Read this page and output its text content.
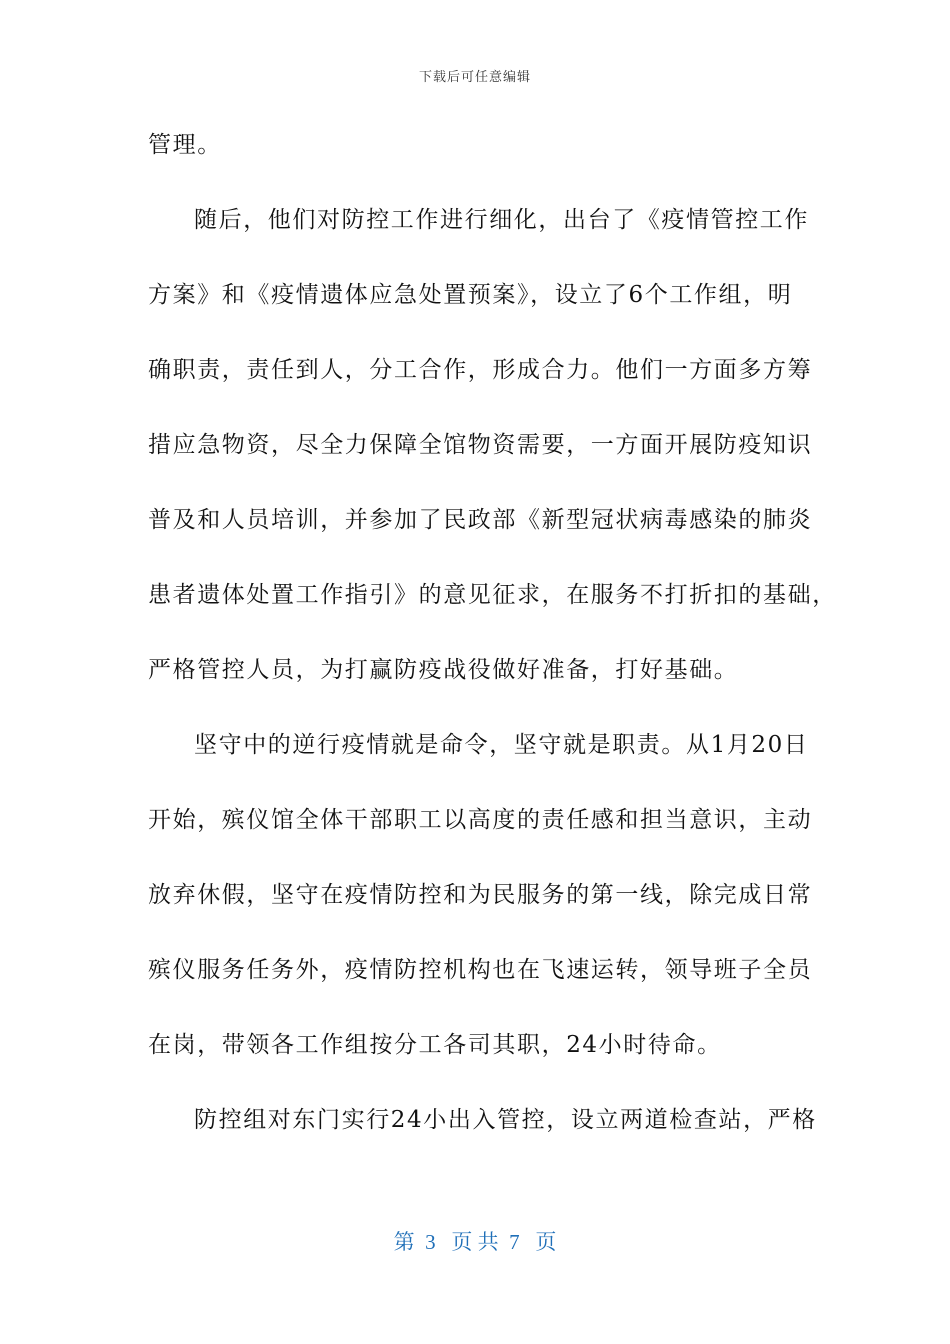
下载后可任意编辑
管理。
随后，他们对防控工作进行细化，出台了《疫情管控工作
方案》和《疫情遗体应急处置预案》，设立了6个工作组，明
确职责，责任到人，分工合作，形成合力。他们一方面多方筹
措应急物资，尽全力保障全馆物资需要，一方面开展防疫知识
普及和人员培训，并参加了民政部《新型冠状病毒感染的肺炎
患者遗体处置工作指引》的意见征求，在服务不打折扣的基础，
严格管控人员，为打赢防疫战役做好准备，打好基础。
坚守中的逆行疫情就是命令，坚守就是职责。从1月20日
开始，殡仪馆全体干部职工以高度的责任感和担当意识，主动
放弃休假，坚守在疫情防控和为民服务的第一线，除完成日常
殡仪服务任务外，疫情防控机构也在飞速运转，领导班子全员
在岗，带领各工作组按分工各司其职，24小时待命。
防控组对东门实行24小出入管控，设立两道检查站，严格
第  3   页 共  7   页
